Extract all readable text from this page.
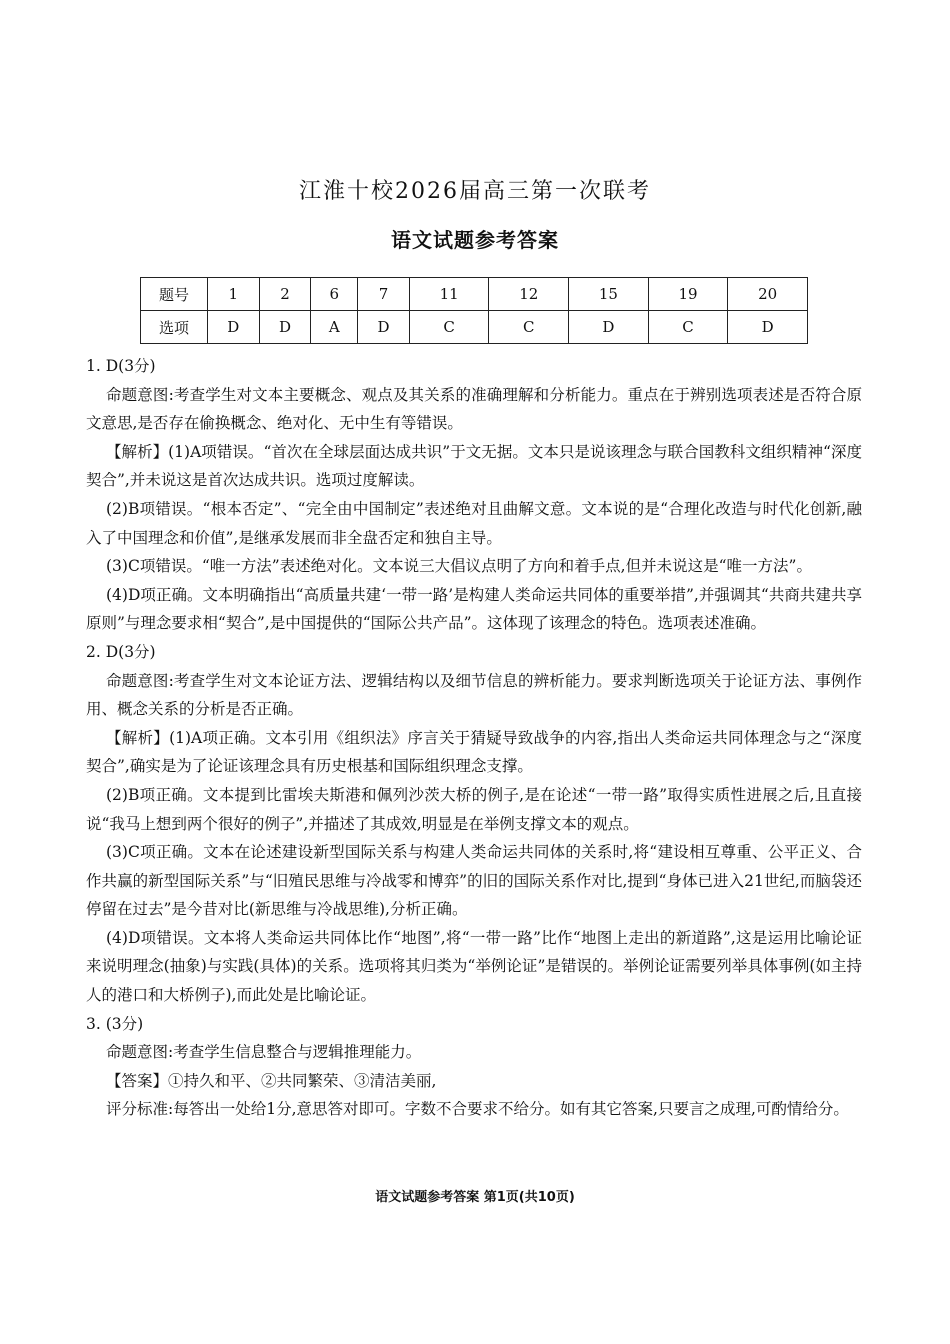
江淮十校2026届高三第一次联考
语文试题参考答案
题号	1	2	6	7	11	12	15	19	20
选项	D	D	A	D	C	C	D	C	D

1. D(3分)

命题意图:考查学生对文本主要概念、观点及其关系的准确理解和分析能力。重点在于辨别选项表述是否符合原文意思,是否存在偷换概念、绝对化、无中生有等错误。

【解析】(1)A项错误。“首次在全球层面达成共识”于文无据。文本只是说该理念与联合国教科文组织精神“深度契合”,并未说这是首次达成共识。选项过度解读。

(2)B项错误。“根本否定”、“完全由中国制定”表述绝对且曲解文意。文本说的是“合理化改造与时代化创新,融入了中国理念和价值”,是继承发展而非全盘否定和独自主导。

(3)C项错误。“唯一方法”表述绝对化。文本说三大倡议点明了方向和着手点,但并未说这是“唯一方法”。

(4)D项正确。文本明确指出“高质量共建‘一带一路’是构建人类命运共同体的重要举措”,并强调其“共商共建共享原则”与理念要求相“契合”,是中国提供的“国际公共产品”。这体现了该理念的特色。选项表述准确。

2. D(3分)

命题意图:考查学生对文本论证方法、逻辑结构以及细节信息的辨析能力。要求判断选项关于论证方法、事例作用、概念关系的分析是否正确。

【解析】(1)A项正确。文本引用《组织法》序言关于猜疑导致战争的内容,指出人类命运共同体理念与之“深度契合”,确实是为了论证该理念具有历史根基和国际组织理念支撑。

(2)B项正确。文本提到比雷埃夫斯港和佩列沙茨大桥的例子,是在论述“一带一路”取得实质性进展之后,且直接说“我马上想到两个很好的例子”,并描述了其成效,明显是在举例支撑文本的观点。

(3)C项正确。文本在论述建设新型国际关系与构建人类命运共同体的关系时,将“建设相互尊重、公平正义、合作共赢的新型国际关系”与“旧殖民思维与冷战零和博弈”的旧的国际关系作对比,提到“身体已进入21世纪,而脑袋还停留在过去”是今昔对比(新思维与冷战思维),分析正确。

(4)D项错误。文本将人类命运共同体比作“地图”,将“一带一路”比作“地图上走出的新道路”,这是运用比喻论证来说明理念(抽象)与实践(具体)的关系。选项将其归类为“举例论证”是错误的。举例论证需要列举具体事例(如主持人的港口和大桥例子),而此处是比喻论证。

3. (3分)

命题意图:考查学生信息整合与逻辑推理能力。

【答案】①持久和平、②共同繁荣、③清洁美丽,

评分标准:每答出一处给1分,意思答对即可。字数不合要求不给分。如有其它答案,只要言之成理,可酌情给分。

语文试题参考答案 第1页(共10页)
